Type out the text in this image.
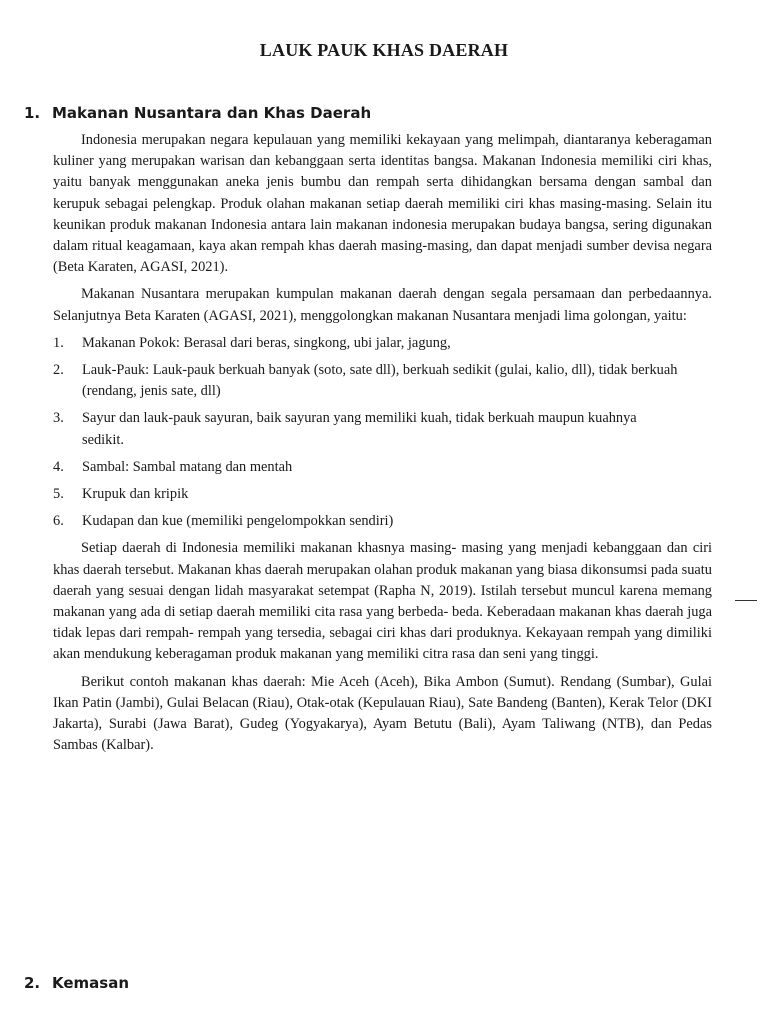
LAUK PAUK KHAS DAERAH
1. Makanan Nusantara dan Khas Daerah

Indonesia merupakan negara kepulauan yang memiliki kekayaan yang melimpah, diantaranya keberagaman kuliner yang merupakan warisan dan kebanggaan serta identitas bangsa. Makanan Indonesia memiliki ciri khas, yaitu banyak menggunakan aneka jenis bumbu dan rempah serta dihidangkan bersama dengan sambal dan kerupuk sebagai pelengkap. Produk olahan makanan setiap daerah memiliki ciri khas masing-masing. Selain itu keunikan produk makanan Indonesia antara lain makanan indonesia merupakan budaya bangsa, sering digunakan dalam ritual keagamaan, kaya akan rempah khas daerah masing-masing, dan dapat menjadi sumber devisa negara (Beta Karaten, AGASI, 2021).

Makanan Nusantara merupakan kumpulan makanan daerah dengan segala persamaan dan perbedaannya. Selanjutnya Beta Karaten (AGASI, 2021), menggolongkan makanan Nusantara menjadi lima golongan, yaitu:

1. Makanan Pokok: Berasal dari beras, singkong, ubi jalar, jagung,
2. Lauk-Pauk: Lauk-pauk berkuah banyak (soto, sate dll), berkuah sedikit (gulai, kalio, dll), tidak berkuah (rendang, jenis sate, dll)
3. Sayur dan lauk-pauk sayuran, baik sayuran yang memiliki kuah, tidak berkuah maupun kuahnya sedikit.
4. Sambal: Sambal matang dan mentah
5. Krupuk dan kripik
6. Kudapan dan kue (memiliki pengelompokkan sendiri)

Setiap daerah di Indonesia memiliki makanan khasnya masing- masing yang menjadi kebanggaan dan ciri khas daerah tersebut. Makanan khas daerah merupakan olahan produk makanan yang biasa dikonsumsi pada suatu daerah yang sesuai dengan lidah masyarakat setempat (Rapha N, 2019). Istilah tersebut muncul karena memang makanan yang ada di setiap daerah memiliki cita rasa yang berbeda- beda. Keberadaan makanan khas daerah juga tidak lepas dari rempah- rempah yang tersedia, sebagai ciri khas dari produknya. Kekayaan rempah yang dimiliki akan mendukung keberagaman produk makanan yang memiliki citra rasa dan seni yang tinggi.

Berikut contoh makanan khas daerah: Mie Aceh (Aceh), Bika Ambon (Sumut). Rendang (Sumbar), Gulai Ikan Patin (Jambi), Gulai Belacan (Riau), Otak-otak (Kepulauan Riau), Sate Bandeng (Banten), Kerak Telor (DKI Jakarta), Surabi (Jawa Barat), Gudeg (Yogyakarya), Ayam Betutu (Bali), Ayam Taliwang (NTB), dan Pedas Sambas (Kalbar).

2. Kemasan
